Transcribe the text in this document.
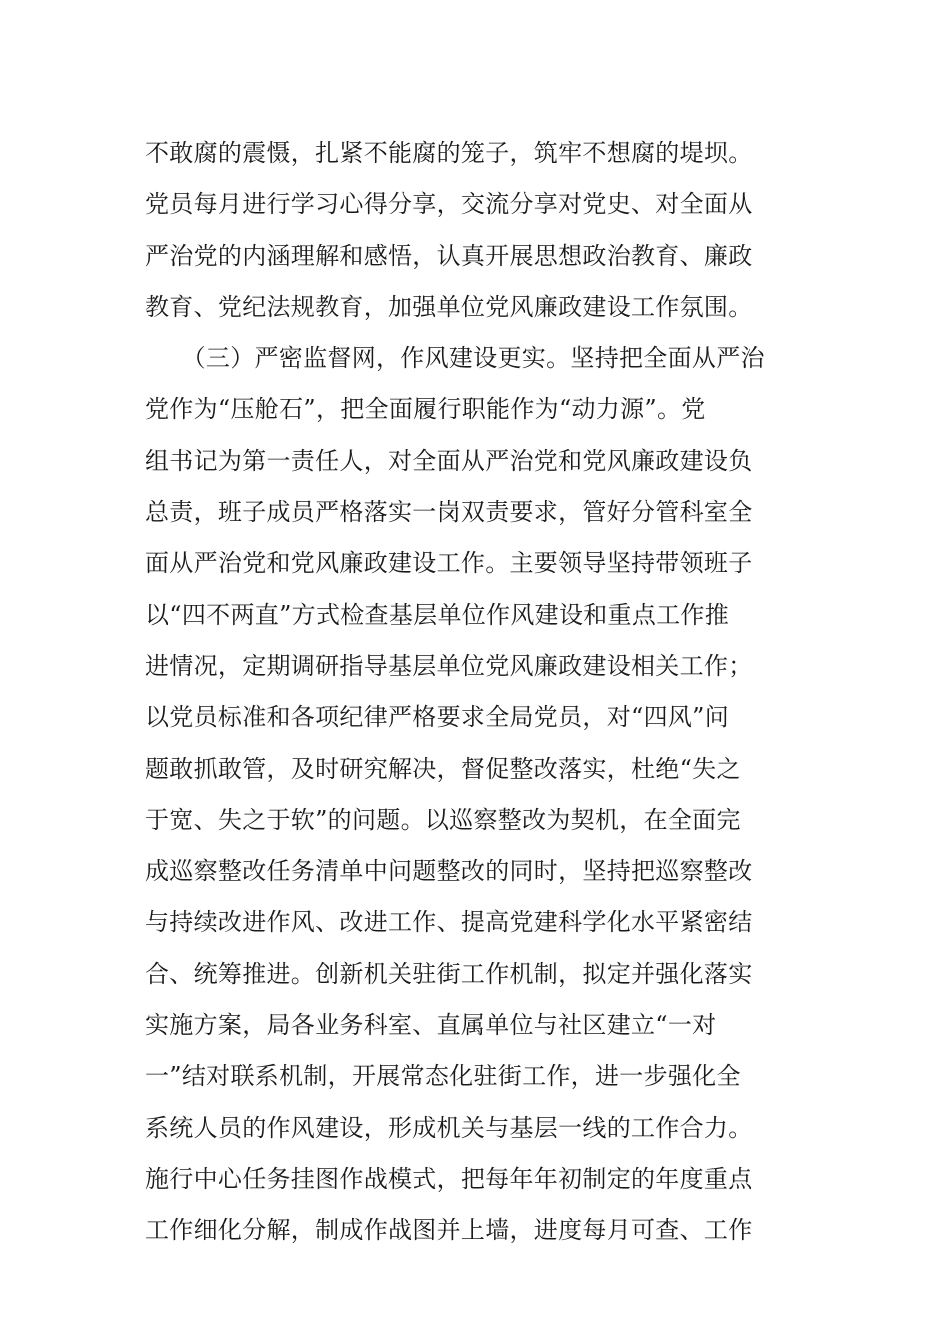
不敢腐的震慑，扎紧不能腐的笼子，筑牢不想腐的堤坝。
党员每月进行学习心得分享，交流分享对党史、对全面从
严治党的内涵理解和感悟，认真开展思想政治教育、廉政
教育、党纪法规教育，加强单位党风廉政建设工作氛围。
　　（三）严密监督网，作风建设更实。坚持把全面从严治
党作为“压舱石”，把全面履行职能作为“动力源”。党
组书记为第一责任人，对全面从严治党和党风廉政建设负
总责，班子成员严格落实一岗双责要求，管好分管科室全
面从严治党和党风廉政建设工作。主要领导坚持带领班子
以“四不两直”方式检查基层单位作风建设和重点工作推
进情况，定期调研指导基层单位党风廉政建设相关工作；
以党员标准和各项纪律严格要求全局党员，对“四风”问
题敢抓敢管，及时研究解决，督促整改落实，杜绝“失之
于宽、失之于软”的问题。以巡察整改为契机，在全面完
成巡察整改任务清单中问题整改的同时，坚持把巡察整改
与持续改进作风、改进工作、提高党建科学化水平紧密结
合、统筹推进。创新机关驻街工作机制，拟定并强化落实
实施方案，局各业务科室、直属单位与社区建立“一对
一”结对联系机制，开展常态化驻街工作，进一步强化全
系统人员的作风建设，形成机关与基层一线的工作合力。
施行中心任务挂图作战模式，把每年年初制定的年度重点
工作细化分解，制成作战图并上墙，进度每月可查、工作
